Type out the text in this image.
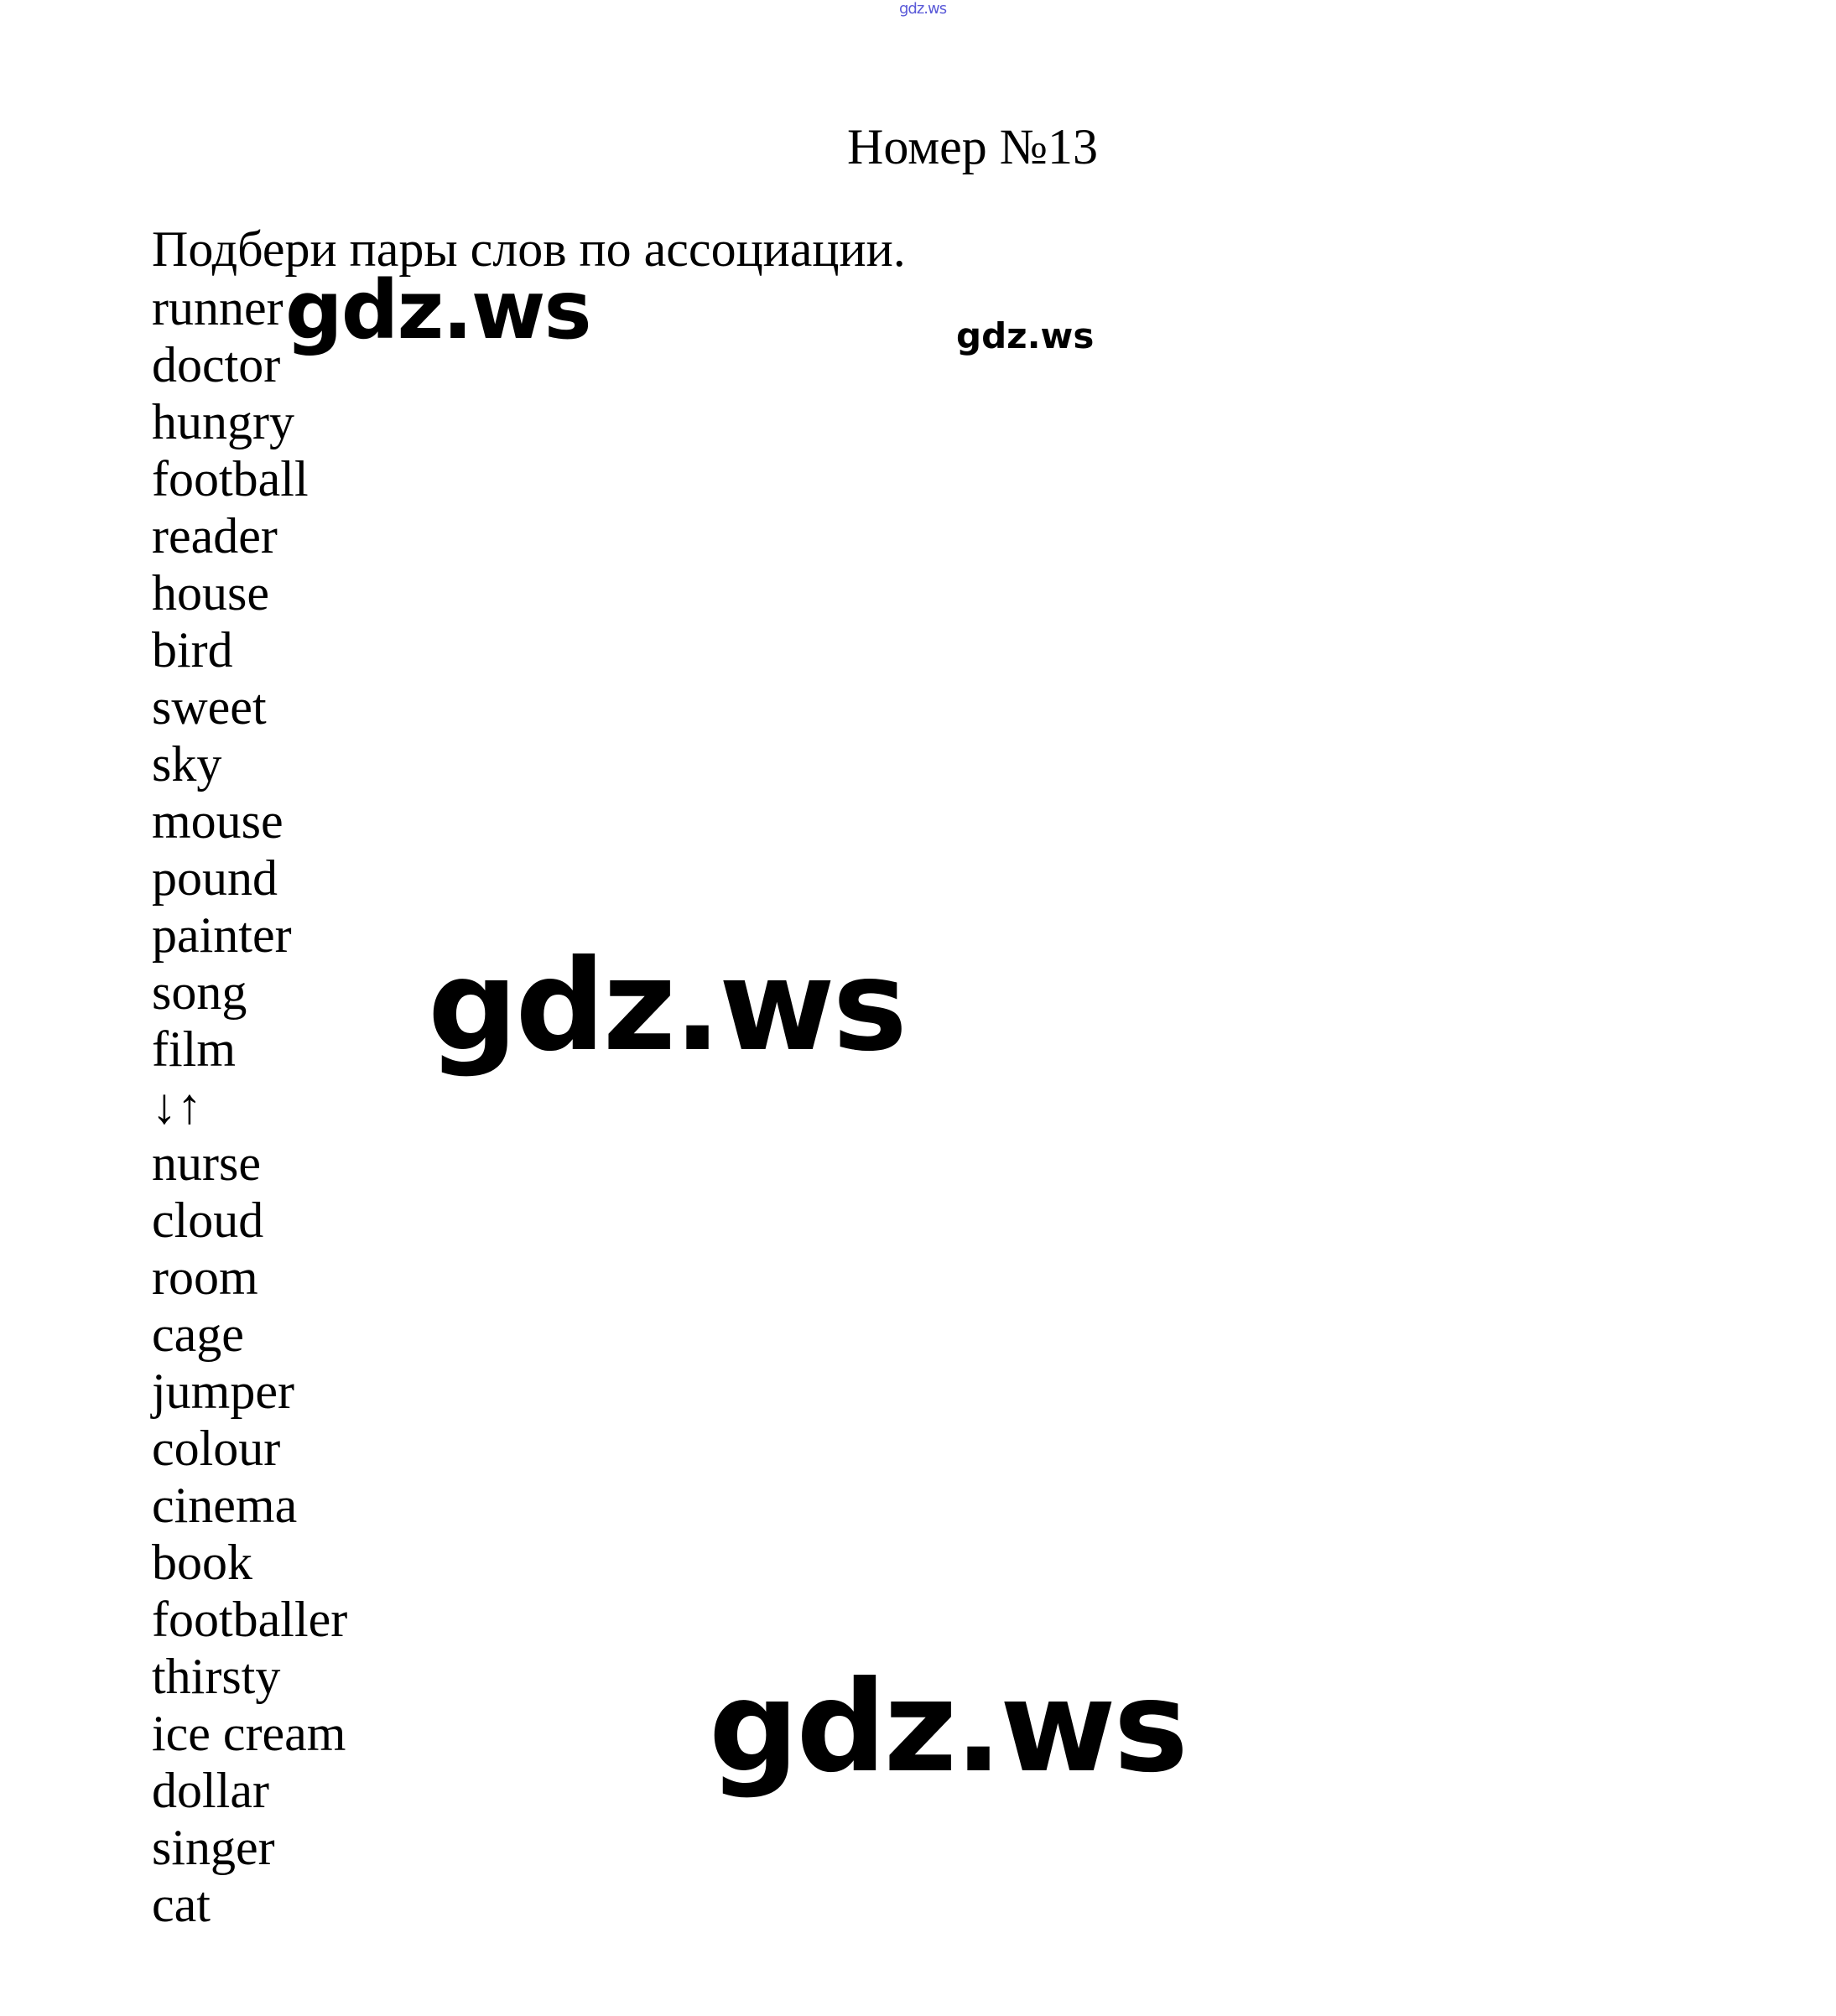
gdz.ws
Номер №13
Подбери пары слов по ассоциации.
runner
doctor
hungry
football
reader
house
bird
sweet
sky
mouse
pound
painter
song
film
↓↑
nurse
cloud
room
cage
jumper
colour
cinema
book
footballer
thirsty
ice cream
dollar
singer
cat
gdz.ws	gdz.ws
gdz.ws
gdz.ws
